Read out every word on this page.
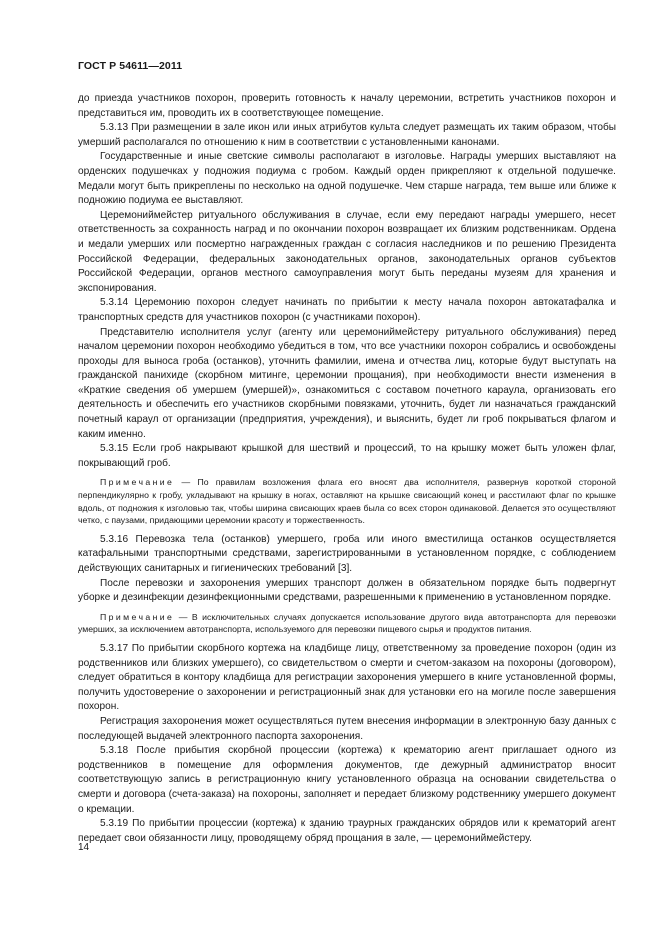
ГОСТ Р 54611—2011

до приезда участников похорон, проверить готовность к началу церемонии, встретить участников похорон и представиться им, проводить их в соответствующее помещение.

5.3.13 При размещении в зале икон или иных атрибутов культа следует размещать их таким образом, чтобы умерший располагался по отношению к ним в соответствии с установленными канонами.

Государственные и иные светские символы располагают в изголовье. Награды умерших выставляют на орденских подушечках у подножия подиума с гробом. Каждый орден прикрепляют к отдельной подушечке. Медали могут быть прикреплены по несколько на одной подушечке. Чем старше награда, тем выше или ближе к подножию подиума ее выставляют.

Церемониймейстер ритуального обслуживания в случае, если ему передают награды умершего, несет ответственность за сохранность наград и по окончании похорон возвращает их близким родственникам. Ордена и медали умерших или посмертно награжденных граждан с согласия наследников и по решению Президента Российской Федерации, федеральных законодательных органов, законодательных органов субъектов Российской Федерации, органов местного самоуправления могут быть переданы музеям для хранения и экспонирования.

5.3.14 Церемонию похорон следует начинать по прибытии к месту начала похорон автокатафалка и транспортных средств для участников похорон (с участниками похорон).

Представителю исполнителя услуг (агенту или церемониймейстеру ритуального обслуживания) перед началом церемонии похорон необходимо убедиться в том, что все участники похорон собрались и освобождены проходы для выноса гроба (останков), уточнить фамилии, имена и отчества лиц, которые будут выступать на гражданской панихиде (скорбном митинге, церемонии прощания), при необходимости внести изменения в «Краткие сведения об умершем (умершей)», ознакомиться с составом почетного караула, организовать его деятельность и обеспечить его участников скорбными повязками, уточнить, будет ли назначаться гражданский почетный караул от организации (предприятия, учреждения), и выяснить, будет ли гроб покрываться флагом и каким именно.

5.3.15 Если гроб накрывают крышкой для шествий и процессий, то на крышку может быть уложен флаг, покрывающий гроб.

Примечание — По правилам возложения флага его вносят два исполнителя, развернув короткой стороной перпендикулярно к гробу, укладывают на крышку в ногах, оставляют на крышке свисающий конец и расстилают флаг по крышке вдоль, от подножия к изголовью так, чтобы ширина свисающих краев была со всех сторон одинаковой. Делается это осуществляют четко, с паузами, придающими церемонии красоту и торжественность.

5.3.16 Перевозка тела (останков) умершего, гроба или иного вместилища останков осуществляется катафальными транспортными средствами, зарегистрированными в установленном порядке, с соблюдением действующих санитарных и гигиенических требований [3].

После перевозки и захоронения умерших транспорт должен в обязательном порядке быть подвергнут уборке и дезинфекции дезинфекционными средствами, разрешенными к применению в установленном порядке.

Примечание — В исключительных случаях допускается использование другого вида автотранспорта для перевозки умерших, за исключением автотранспорта, используемого для перевозки пищевого сырья и продуктов питания.

5.3.17 По прибытии скорбного кортежа на кладбище лицу, ответственному за проведение похорон (один из родственников или близких умершего), со свидетельством о смерти и счетом-заказом на похороны (договором), следует обратиться в контору кладбища для регистрации захоронения умершего в книге установленной формы, получить удостоверение о захоронении и регистрационный знак для установки его на могиле после завершения похорон.

Регистрация захоронения может осуществляться путем внесения информации в электронную базу данных с последующей выдачей электронного паспорта захоронения.

5.3.18 После прибытия скорбной процессии (кортежа) к крематорию агент приглашает одного из родственников в помещение для оформления документов, где дежурный администратор вносит соответствующую запись в регистрационную книгу установленного образца на основании свидетельства о смерти и договора (счета-заказа) на похороны, заполняет и передает близкому родственнику умершего документ о кремации.

5.3.19 По прибытии процессии (кортежа) к зданию траурных гражданских обрядов или к крематорий агент передает свои обязанности лицу, проводящему обряд прощания в зале, — церемониймейстеру.

14
